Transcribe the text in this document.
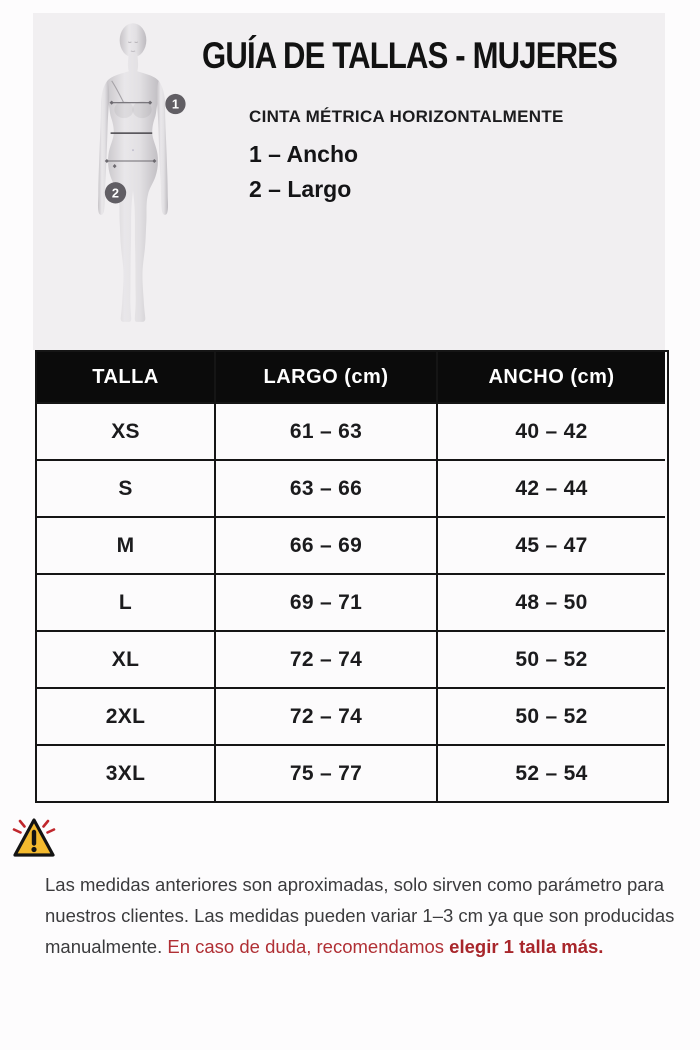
1
2
GUÍA DE TALLAS - MUJERES
CINTA MÉTRICA HORIZONTALMENTE
1 – Ancho
2 – Largo
TALLA	LARGO (cm)	ANCHO (cm)
XS	61 – 63	40 – 42
S	63 – 66	42 – 44
M	66 – 69	45 – 47
L	69 – 71	48 – 50
XL	72 – 74	50 – 52
2XL	72 – 74	50 – 52
3XL	75 – 77	52 – 54
Las medidas anteriores son aproximadas, solo sirven como parámetro para
nuestros clientes. Las medidas pueden variar 1–3 cm ya que son producidas
manualmente. En caso de duda, recomendamos elegir 1 talla más.
